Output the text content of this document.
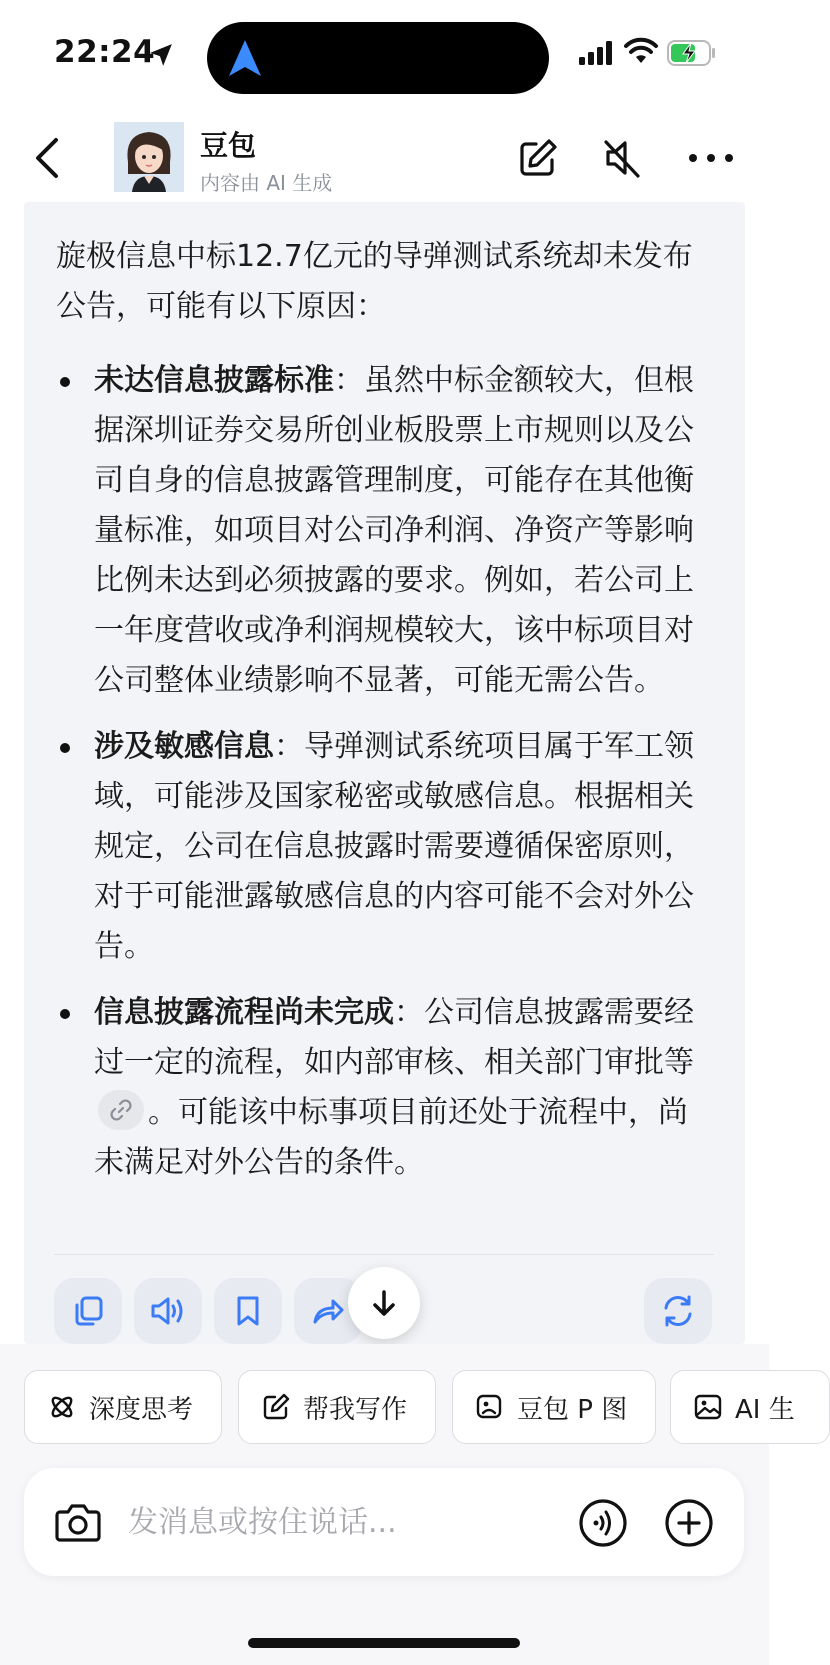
22:24
豆包
内容由 AI 生成
旋极信息中标12.7亿元的导弹测试系统却未发布公告，可能有以下原因：
未达信息披露标准：虽然中标金额较大，但根据深圳证券交易所创业板股票上市规则以及公司自身的信息披露管理制度，可能存在其他衡量标准，如项目对公司净利润、净资产等影响比例未达到必须披露的要求。例如，若公司上一年度营收或净利润规模较大，该中标项目对公司整体业绩影响不显著，可能无需公告。
涉及敏感信息：导弹测试系统项目属于军工领域，可能涉及国家秘密或敏感信息。根据相关规定，公司在信息披露时需要遵循保密原则，对于可能泄露敏感信息的内容可能不会对外公告。
信息披露流程尚未完成：公司信息披露需要经过一定的流程，如内部审核、相关部门审批等
。可能该中标事项目前还处于流程中，尚未满足对外公告的条件。
深度思考	帮我写作	豆包 P 图	AI 生
发消息或按住说话...
